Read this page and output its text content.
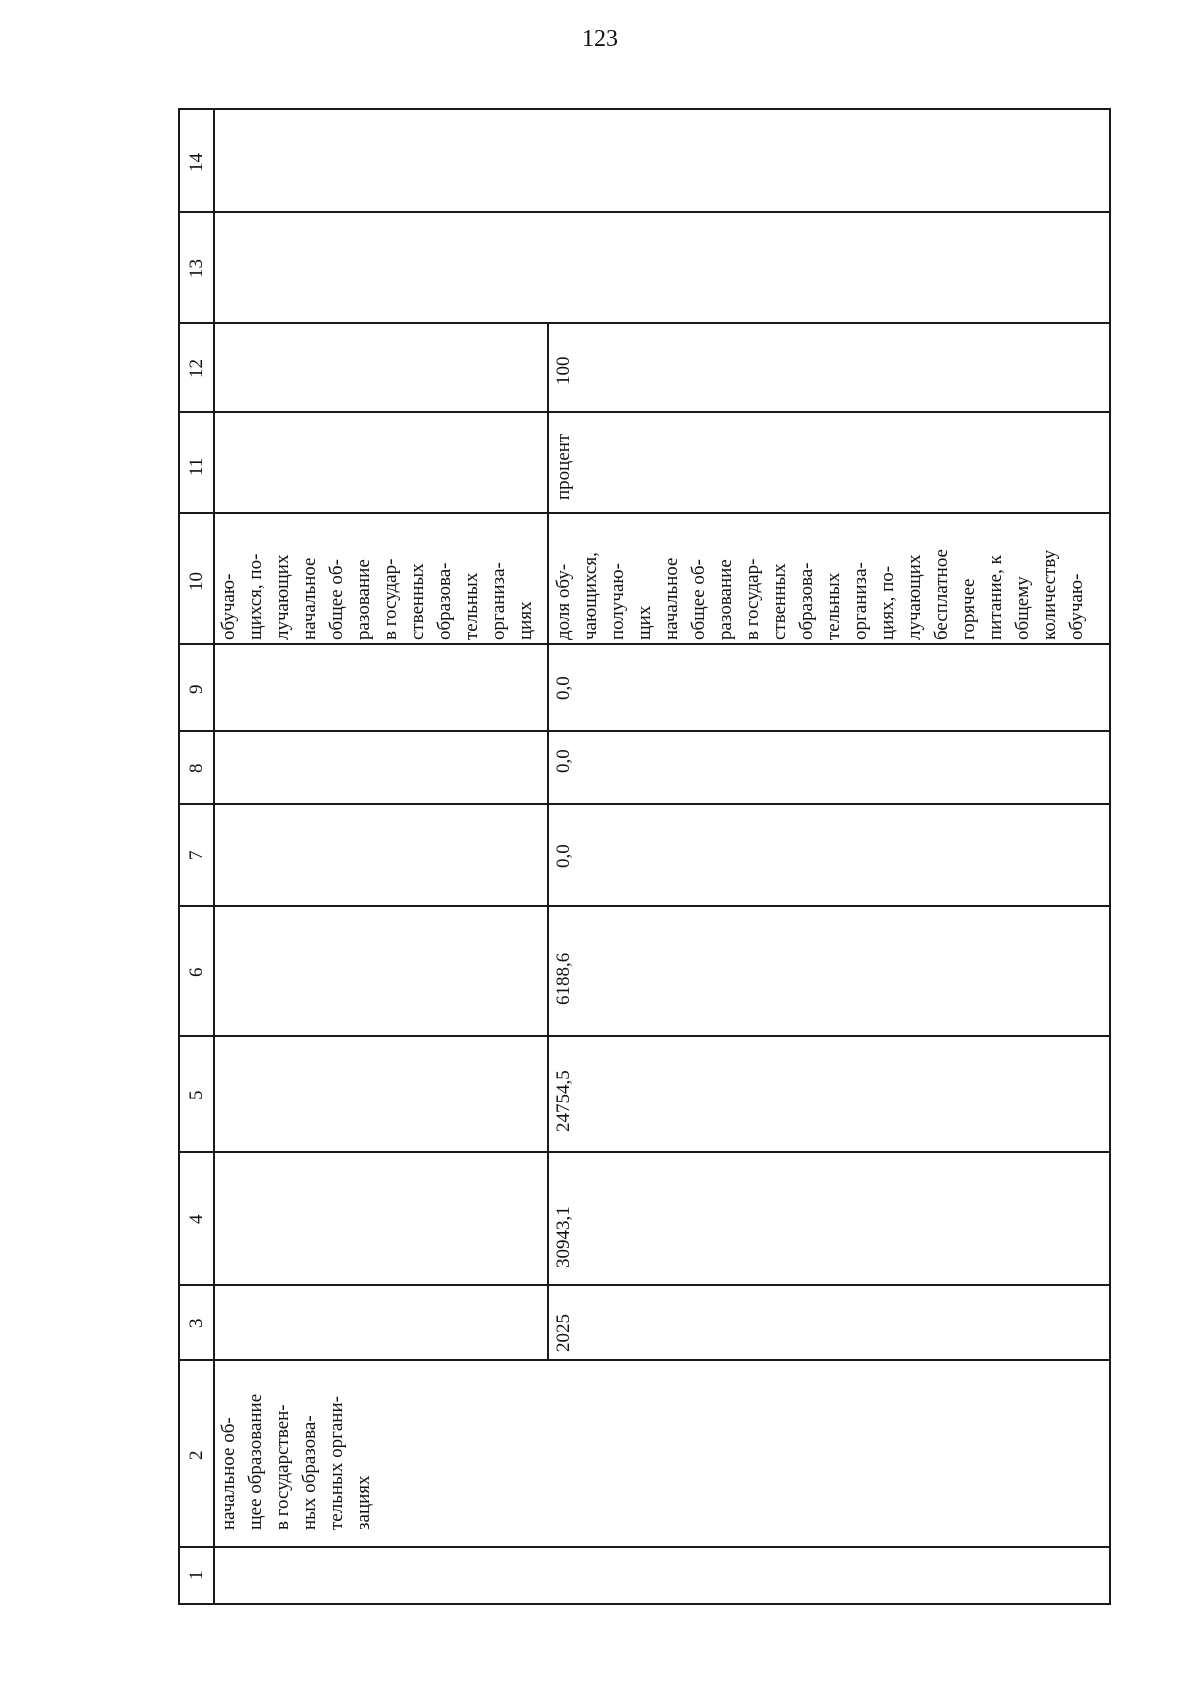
123
14
13
12
11
10
9
8
7
6
5
4
3
2
1
начальное об- щее образование в государствен- ных образова- тельных органи- зациях
обучаю- щихся, по- лучающих начальное общее об- разование в государ- ственных образова- тельных организа- циях
2025
30943,1
24754,5
6188,6
0,0
0,0
0,0
доля обу- чающихся, получаю- щих начальное общее об- разование в государ- ственных образова- тельных организа- циях, по- лучающих бесплатное горячее питание, к общему количеству обучаю-
процент
100
